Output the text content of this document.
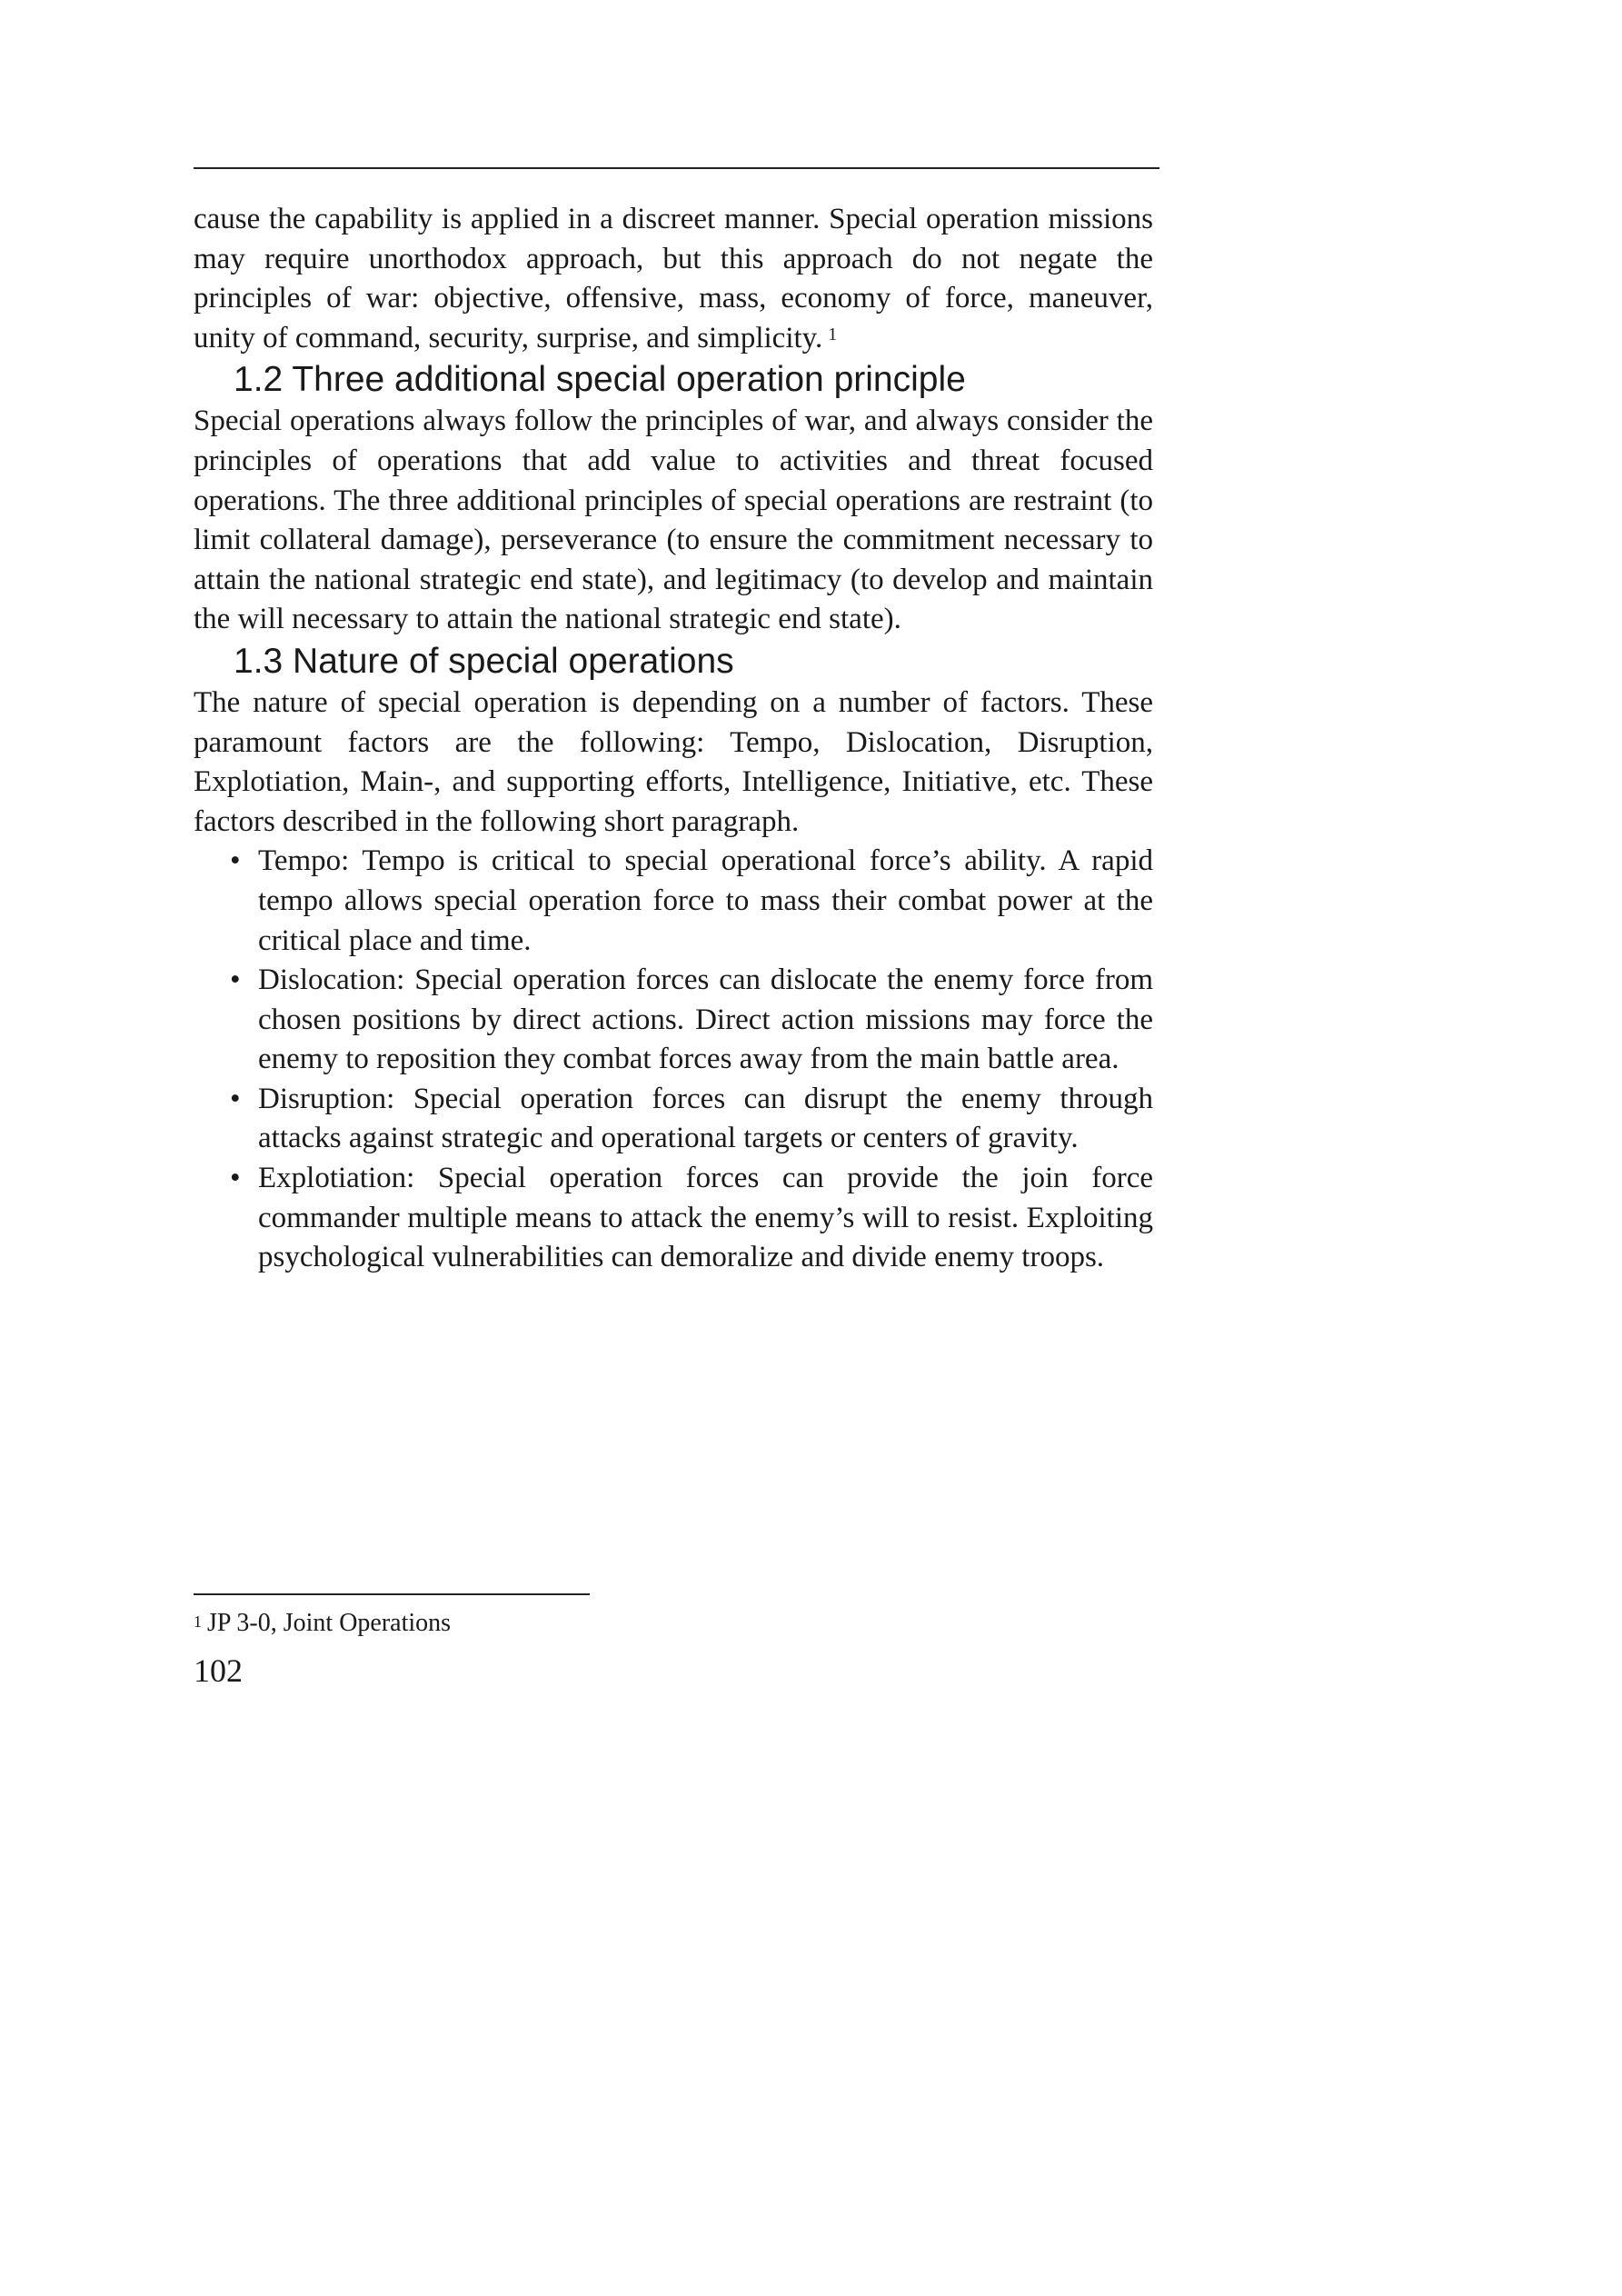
cause the capability is applied in a discreet manner. Special operation missions may require unorthodox approach, but this approach do not negate the principles of war: objective, offensive, mass, economy of force, maneuver, unity of command, security, surprise, and simplicity. $^1$

1.2 Three additional special operation principle

Special operations always follow the principles of war, and always consider the principles of operations that add value to activities and threat focused operations. The three additional principles of special operations are restraint (to limit collateral damage), perseverance (to ensure the commitment necessary to attain the national strategic end state), and legitimacy (to develop and maintain the will necessary to attain the national strategic end state).

1.3 Nature of special operations

The nature of special operation is depending on a number of factors. These paramount factors are the following: Tempo, Dislocation, Disruption, Explotiation, Main-, and supporting efforts, Intelligence, Initiative, etc. These factors described in the following short paragraph.

• Tempo: Tempo is critical to special operational force’s ability. A rapid tempo allows special operation force to mass their combat power at the critical place and time.
• Dislocation: Special operation forces can dislocate the enemy force from chosen positions by direct actions. Direct action missions may force the enemy to reposition they combat forces away from the main battle area.
• Disruption: Special operation forces can disrupt the enemy through attacks against strategic and operational targets or centers of gravity.
• Explotiation: Special operation forces can provide the join force commander multiple means to attack the enemy’s will to resist. Exploiting psychological vulnerabilities can demoralize and divide enemy troops.
$^1$ JP 3-0, Joint Operations
102
